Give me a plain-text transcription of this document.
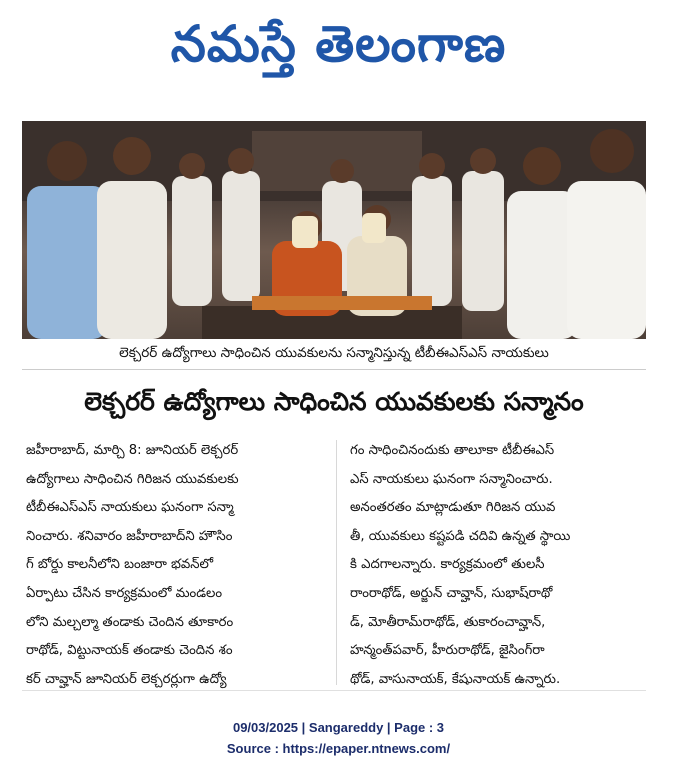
నమస్తే తెలంగాణ
లెక్చరర్ ఉద్యోగాలు సాధించిన యువకులను సన్మానిస్తున్న టీబీఈఎస్ఎస్ నాయకులు
లెక్చరర్ ఉద్యోగాలు సాధించిన యువకులకు సన్మానం
జహీరాబాద్, మార్చి 8: జూనియర్ లెక్చరర్
ఉద్యోగాలు సాధించిన గిరిజన యువకులకు
టీబీఈఎస్ఎస్ నాయకులు ఘనంగా సన్మా
నించారు. శనివారం జహీరాబాద్‌ని హౌసిం
గ్ బోర్డు కాలనీలోని బంజారా భవన్‌లో
ఏర్పాటు చేసిన కార్యక్రమంలో మండలం
లోని మల్చల్మా తండాకు చెందిన తూకారం
రాథోడ్, విట్టునాయక్ తండాకు చెందిన శం
కర్ చావ్హాన్ జూనియర్ లెక్చరర్లుగా ఉద్యో
గం సాధించినందుకు తాలూకా టీబీఈఎస్
ఎస్ నాయకులు ఘనంగా సన్మానించారు.
అనంతరతం మాట్లాడుతూ గిరిజన యువ
తీ, యువకులు కష్టపడి చదివి ఉన్నత స్థాయి
కి ఎదగాలన్నారు. కార్యక్రమంలో తులసీ
రాంరాథోడ్, అర్జున్ చావ్హాన్, సుభాష్‌రాథో
డ్, మోతీరామ్‌రాథోడ్, తుకారంచావ్హాన్,
హన్మంత్‌పవార్, హీరురాథోడ్, జైసింగ్‌రా
థోడ్, వాసునాయక్, కేషునాయక్ ఉన్నారు.
09/03/2025 | Sangareddy | Page : 3
Source : https://epaper.ntnews.com/
